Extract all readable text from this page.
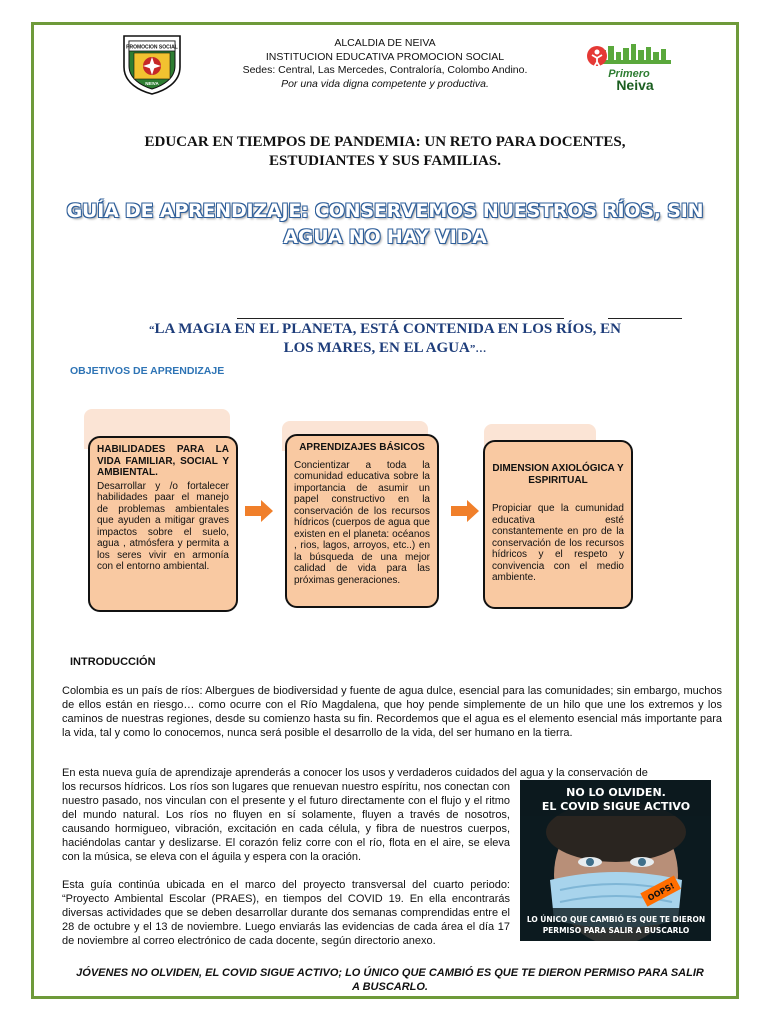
PROMOCION SOCIAL
NEIVA
ALCALDIA DE NEIVA
INSTITUCION EDUCATIVA PROMOCION SOCIAL
Sedes: Central, Las Mercedes, Contraloría, Colombo Andino.
Por una vida digna competente y productiva.
Primero
Neiva
EDUCAR EN TIEMPOS DE PANDEMIA: UN RETO PARA DOCENTES,
ESTUDIANTES Y SUS FAMILIAS.
GUÍA DE APRENDIZAJE: CONSERVEMOS NUESTROS RÍOS, SIN
AGUA NO HAY VIDA
“LA MAGIA EN EL PLANETA, ESTÁ CONTENIDA EN LOS RÍOS, EN
LOS MARES, EN EL AGUA”…
OBJETIVOS DE APRENDIZAJE
HABILIDADES PARA LA VIDA FAMILIAR, SOCIAL Y AMBIENTAL.
Desarrollar y /o fortalecer habilidades paar el manejo de problemas ambientales que ayuden a mitigar graves impactos sobre el suelo, agua , atmósfera y permita a los seres vivir en armonía con el entorno ambiental.
APRENDIZAJES BÁSICOS
Concientizar a toda la comunidad educativa sobre la importancia de asumir un papel constructivo en la conservación de los recursos hídricos (cuerpos de agua que existen en el planeta: océanos , rios, lagos, arroyos, etc..) en la búsqueda de una mejor calidad de vida para las próximas generaciones.
DIMENSION AXIOLÓGICA Y ESPIRITUAL
Propiciar que la cumunidad educativa esté constantemente en pro de la conservación de los recursos hídricos y el respeto y convivencia con el medio ambiente.
INTRODUCCIÓN
Colombia es un país de ríos: Albergues de biodiversidad y fuente de agua dulce, esencial para las comunidades; sin embargo, muchos de ellos están en riesgo… como ocurre con el Río Magdalena, que hoy pende simplemente de un hilo que une los extremos y los caminos de nuestras regiones, desde su comienzo hasta su fin. Recordemos que el agua es el elemento esencial más importante para la vida, tal y como lo conocemos, nunca será posible el desarrollo de la vida, del ser humano en la tierra.
En esta nueva guía de aprendizaje aprenderás a conocer los usos y verdaderos cuidados del agua y la conservación de
los recursos hídricos. Los ríos son lugares que renuevan nuestro espíritu, nos conectan con nuestro pasado, nos vinculan con el presente y el futuro directamente con el flujo y el ritmo del mundo natural. Los ríos no fluyen en sí solamente, fluyen a través de nosotros, causando hormigueo, vibración, excitación en cada célula, y fibra de nuestros cuerpos, haciéndolas cantar y deslizarse. El corazón feliz corre con el río, flota en el aire, se eleva con la música, se eleva con el águila y espera con la oración.
Esta guía continúa ubicada en el marco del proyecto transversal del cuarto periodo: “Proyecto Ambiental Escolar (PRAES), en tiempos del COVID 19. En ella encontrarás diversas actividades que se deben desarrollar durante dos semanas comprendidas entre el 28 de octubre y el 13 de noviembre. Luego enviarás las evidencias de cada área el día 17 de noviembre al correo electrónico de cada docente, según directorio anexo.
NO LO OLVIDEN.
EL COVID SIGUE ACTIVO
OOPS!
LO ÚNICO QUE CAMBIÓ ES QUE TE DIERON
PERMISO PARA SALIR A BUSCARLO
JÓVENES NO OLVIDEN, EL COVID SIGUE ACTIVO; LO ÚNICO QUE CAMBIÓ ES QUE TE DIERON PERMISO PARA SALIR
A BUSCARLO.
